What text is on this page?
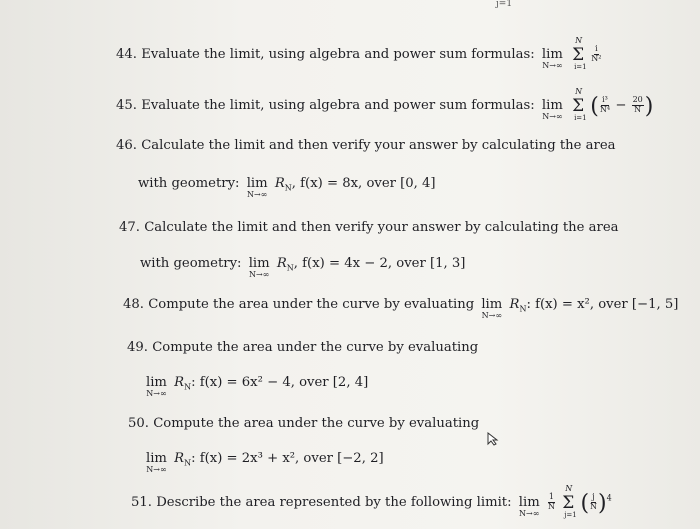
j=1
44. Evaluate the limit, using algebra and power sum formulas: lim
N→∞
Σ
N
i=1

$\frac{i}{\text{N²}}$
45. Evaluate the limit, using algebra and power sum formulas: lim
N→∞
Σ
N
i=1 ( $\frac{\text{i³}}{\text{N⁴}} - \frac{20}{N}$ )
46. Calculate the limit and then verify your answer by calculating the area
with geometry: lim
N→∞
$R_N$, f(x) = 8x, over [0, 4]
47. Calculate the limit and then verify your answer by calculating the area
with geometry: lim
N→∞
$R_N$, f(x) = 4x − 2, over [1, 3]
48. Compute the area under the curve by evaluating lim
N→∞
$R_N$: f(x) = x², over [−1, 5]
49. Compute the area under the curve by evaluating
lim
N→∞
$R_N$: f(x) = 6x² − 4, over [2, 4]
50. Compute the area under the curve by evaluating
lim
N→∞
$R_N$: f(x) = 2x³ + x², over [−2, 2]
51. Describe the area represented by the following limit: lim
N→∞

$\frac{1}{N}$ Σ
N
j=1 ( $\frac{j}{N} )^4$
